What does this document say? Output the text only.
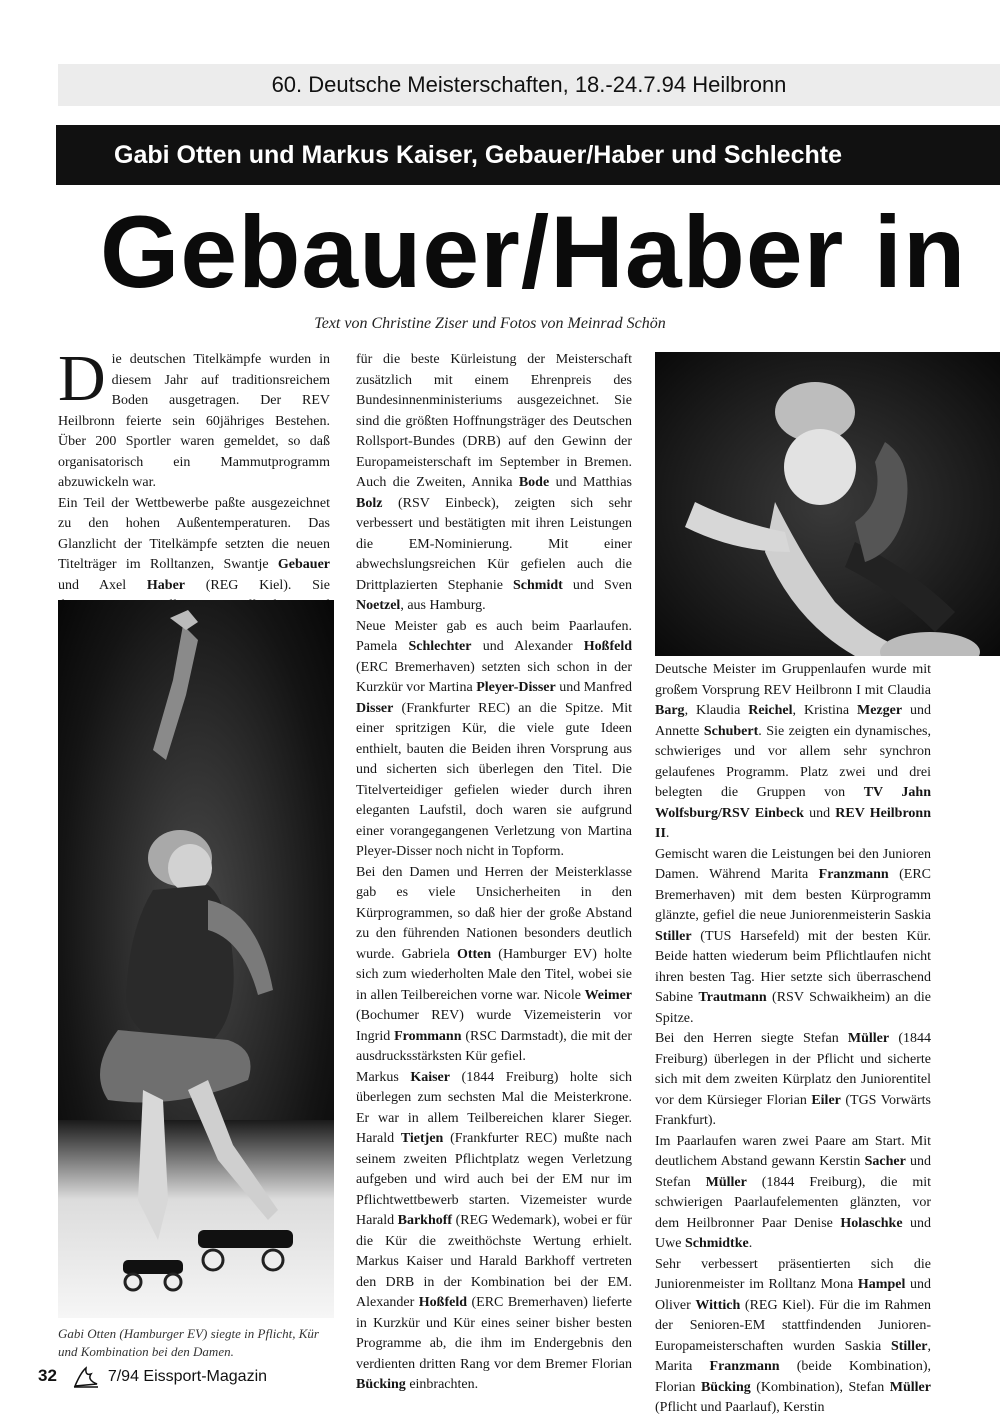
60. Deutsche Meisterschaften, 18.-24.7.94 Heilbronn
Gabi Otten und Markus Kaiser, Gebauer/Haber und Schlechte
Gebauer/Haber in
Text von Christine Ziser und Fotos von Meinrad Schön

Die deutschen Titelkämpfe wurden in diesem Jahr auf traditionsreichem Boden ausgetragen. Der REV Heilbronn feierte sein 60jähriges Bestehen. Über 200 Sportler waren gemeldet, so daß organisatorisch ein Mammutprogramm abzuwickeln war.

Ein Teil der Wettbewerbe paßte ausgezeichnet zu den hohen Außentemperaturen. Das Glanzlicht der Titelkämpfe setzten die neuen Titelträger im Rolltanzen, Swantje Gebauer und Axel Haber (REG Kiel). Sie

Gabi Otten (Hamburger EV) siegte in Pflicht, Kür und Kombination bei den Damen.

für die beste Kürleistung der Meisterschaft zusätzlich mit einem Ehrenpreis des Bundesinnenministeriums ausgezeichnet. Sie sind die größten Hoffnungsträger des Deutschen Rollsport-Bundes (DRB) auf den Gewinn der Europameisterschaft im September in Bremen. Auch die Zweiten, Annika Bode und Matthias Bolz (RSV Einbeck), zeigten sich sehr verbessert und bestätigten mit ihren Leistungen die EM-Nominierung. Mit einer abwechslungsreichen Kür gefielen auch die Drittplazierten Stephanie Schmidt und Sven Noetzel, aus Hamburg.

Neue Meister gab es auch beim Paarlaufen. Pamela Schlechter und Alexander Hoßfeld (ERC Bremerhaven) setzten sich schon in der Kurzkür vor Martina Pleyer-Disser und Manfred Disser (Frankfurter REC) an die Spitze. Mit einer spritzigen Kür, die viele gute Ideen enthielt, bauten die Beiden ihren Vorsprung aus und sicherten sich überlegen den Titel. Die Titelverteidiger gefielen wieder durch ihren eleganten Laufstil, doch waren sie aufgrund einer vorangegangenen Verletzung von Martina Pleyer-Disser noch nicht in Topform.

Bei den Damen und Herren der Meisterklasse gab es viele Unsicherheiten in den Kürprogrammen, so daß hier der große Abstand zu den führenden Nationen besonders deutlich wurde. Gabriela Otten (Hamburger EV) holte sich zum wiederholten Male den Titel, wobei sie in allen Teilbereichen vorne war. Nicole Weimer (Bochumer REV) wurde Vizemeisterin vor Ingrid Frommann (RSC Darmstadt), die mit der ausdrucksstärksten Kür gefiel.

Markus Kaiser (1844 Freiburg) holte sich überlegen zum sechsten Mal die Meisterkrone. Er war in allem Teilbereichen klarer Sieger. Harald Tietjen (Frankfurter REC) mußte nach seinem zweiten Pflichtplatz wegen Verletzung aufgeben und wird auch bei der EM nur im Pflichtwettbewerb starten. Vizemeister wurde Harald Barkhoff (REG Wedemark), wobei er für die Kür die zweithöchste Wertung erhielt. Markus Kaiser und Harald Barkhoff vertreten den DRB in der Kombination bei der EM. Alexander Hoßfeld (ERC Bremerhaven) lieferte in Kurzkür und Kür eines seiner bisher besten Programme ab, die ihm im Endergebnis den verdienten dritten Rang vor dem Bremer Florian Bücking einbrachten.

Deutsche Meister im Gruppenlaufen wurde mit großem Vorsprung REV Heilbronn I mit Claudia Barg, Klaudia Reichel, Kristina Mezger und Annette Schubert. Sie zeigten ein dynamisches, schwieriges und vor allem sehr synchron gelaufenes Programm. Platz zwei und drei belegten die Gruppen von TV Jahn Wolfsburg/RSV Einbeck und REV Heilbronn II.

Gemischt waren die Leistungen bei den Junioren Damen. Während Marita Franzmann (ERC Bremerhaven) mit dem besten Kürprogramm glänzte, gefiel die neue Juniorenmeisterin Saskia Stiller (TUS Harsefeld) mit der besten Kür. Beide hatten wiederum beim Pflichtlaufen nicht ihren besten Tag. Hier setzte sich überraschend Sabine Trautmann (RSV Schwaikheim) an die Spitze.

Bei den Herren siegte Stefan Müller (1844 Freiburg) überlegen in der Pflicht und sicherte sich mit dem zweiten Kürplatz den Juniorentitel vor dem Kürsieger Florian Eiler (TGS Vorwärts Frankfurt).

Im Paarlaufen waren zwei Paare am Start. Mit deutlichem Abstand gewann Kerstin Sacher und Stefan Müller (1844 Freiburg), die mit schwierigen Paarlaufelementen glänzten, vor dem Heilbronner Paar Denise Holaschke und Uwe Schmidtke.

Sehr verbessert präsentierten sich die Juniorenmeister im Rolltanz Mona Hampel und Oliver Wittich (REG Kiel). Für die im Rahmen der Senioren-EM stattfindenden Junioren-Europameisterschaften wurden Saskia Stiller, Marita Franzmann (beide Kombination), Florian Bücking (Kombination), Stefan Müller (Pflicht und Paarlauf), Kerstin

32	7/94 Eissport-Magazin
